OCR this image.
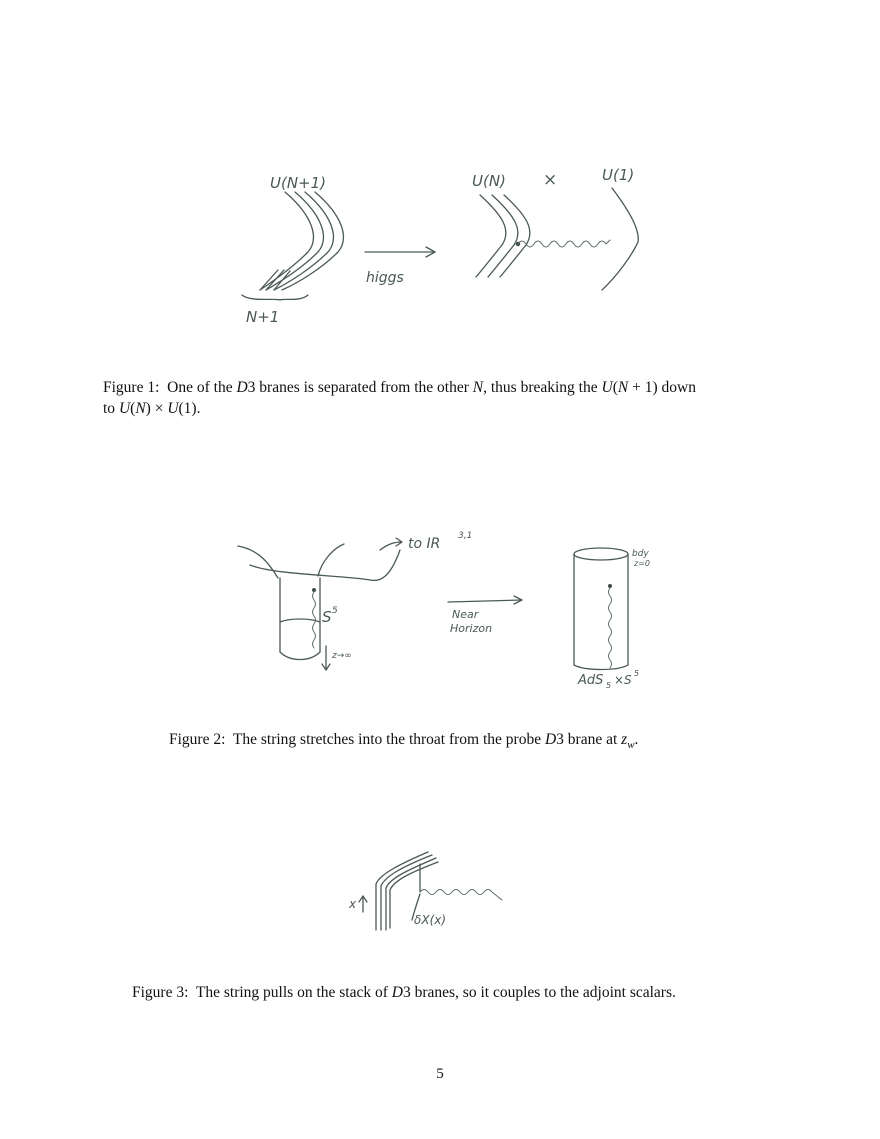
U(N+1)
N+1
higgs
U(N) ×	U(1)
Figure 1: One of the D3 branes is separated from the other N, thus breaking the U(N + 1) down
to U(N) × U(1).
S 5
z→∞
to IR 3,1
Near
Horizon
bdy
z=0
AdS 5 ×S 5
Figure 2: The string stretches into the throat from the probe D3 brane at $z_w$.
x
δX(x)
Figure 3: The string pulls on the stack of D3 branes, so it couples to the adjoint scalars.
5
